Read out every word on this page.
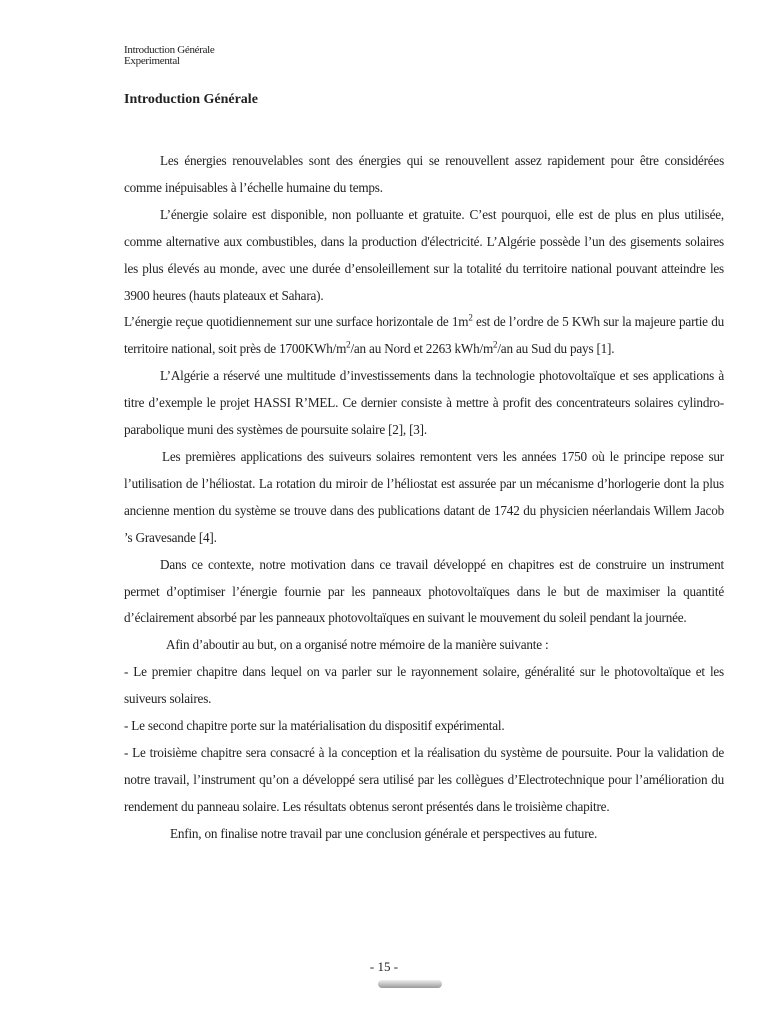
Introduction Générale
Experimental
Introduction Générale

Les énergies renouvelables sont des énergies qui se renouvellent assez rapidement pour être considérées comme inépuisables à l’échelle humaine du temps.

L’énergie solaire est disponible, non polluante et gratuite. C’est pourquoi, elle est de plus en plus utilisée, comme alternative aux combustibles, dans la production d'électricité. L’Algérie possède l’un des gisements solaires les plus élevés au monde, avec une durée d’ensoleillement sur la totalité du territoire national pouvant atteindre les 3900 heures (hauts plateaux et Sahara).

L’énergie reçue quotidiennement sur une surface horizontale de $1m^2$ est de l’ordre de 5 KWh sur la majeure partie du territoire national, soit près de $1700KWh/m^2/an$ au Nord et 2263 kWh/$m^2/an$ au Sud du pays [1].

L’Algérie a réservé une multitude d’investissements dans la technologie photovoltaïque et ses applications à titre d’exemple le projet HASSI R’MEL. Ce dernier consiste à mettre à profit des concentrateurs solaires cylindro-parabolique muni des systèmes de poursuite solaire [2], [3].

Les premières applications des suiveurs solaires remontent vers les années 1750 où le principe repose sur l’utilisation de l’héliostat. La rotation du miroir de l’héliostat est assurée par un mécanisme d’horlogerie dont la plus ancienne mention du système se trouve dans des publications datant de 1742 du physicien néerlandais Willem Jacob ’s Gravesande [4].

Dans ce contexte, notre motivation dans ce travail développé en chapitres est de construire un instrument permet d’optimiser l’énergie fournie par les panneaux photovoltaïques dans le but de maximiser la quantité d’éclairement absorbé par les panneaux photovoltaïques en suivant le mouvement du soleil pendant la journée.

Afin d’aboutir au but, on a organisé notre mémoire de la manière suivante :

- Le premier chapitre dans lequel on va parler sur le rayonnement solaire, généralité sur le photovoltaïque et les suiveurs solaires.

- Le second chapitre porte sur la matérialisation du dispositif expérimental.

- Le troisième chapitre sera consacré à la conception et la réalisation du système de poursuite. Pour la validation de notre travail, l’instrument qu’on a développé sera utilisé par les collègues d’Electrotechnique pour l’amélioration du rendement du panneau solaire. Les résultats obtenus seront présentés dans le troisième chapitre.

Enfin, on finalise notre travail par une conclusion générale et perspectives au future.

- 15 -
